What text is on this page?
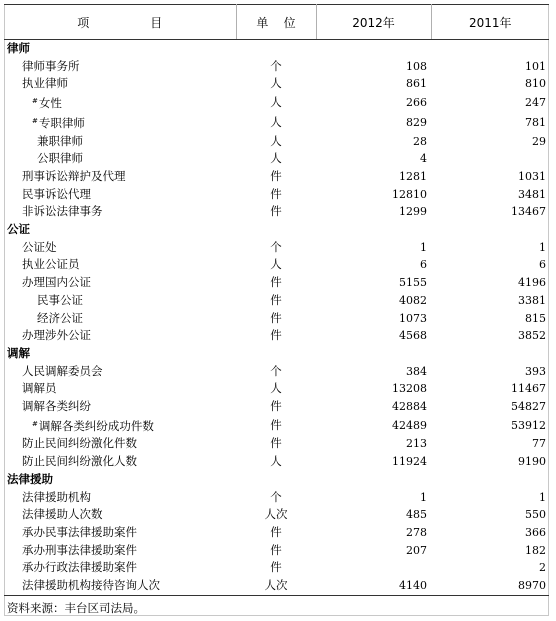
项                目	单    位	2012年	2011年
律师			
律师事务所	个	108	101
执业律师	人	861	810
#女性	人	266	247
#专职律师	人	829	781
兼职律师	人	28	29
公职律师	人	4	
刑事诉讼辩护及代理	件	1281	1031
民事诉讼代理	件	12810	3481
非诉讼法律事务	件	1299	13467
公证			
公证处	个	1	1
执业公证员	人	6	6
办理国内公证	件	5155	4196
民事公证	件	4082	3381
经济公证	件	1073	815
办理涉外公证	件	4568	3852
调解			
人民调解委员会	个	384	393
调解员	人	13208	11467
调解各类纠纷	件	42884	54827
#调解各类纠纷成功件数	件	42489	53912
防止民间纠纷激化件数	件	213	77
防止民间纠纷激化人数	人	11924	9190
法律援助			
法律援助机构	个	1	1
法律援助人次数	人次	485	550
承办民事法律援助案件	件	278	366
承办刑事法律援助案件	件	207	182
承办行政法律援助案件	件		2
法律援助机构接待咨询人次	人次	4140	8970
资料来源：丰台区司法局。
